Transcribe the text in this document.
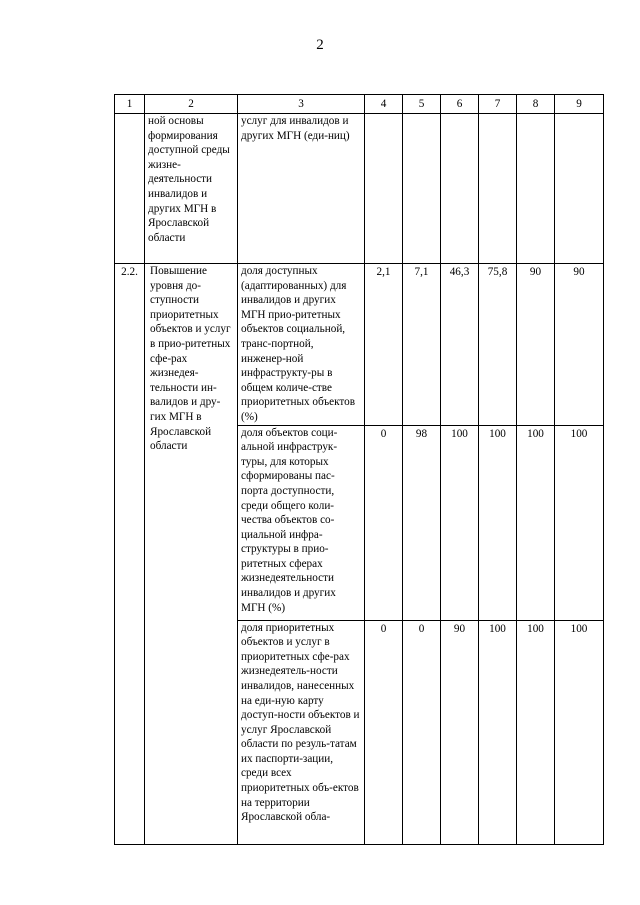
2
1	2	3	4	5	6	7	8	9
	ной основы формирования доступной среды жизне-деятельности инвалидов и других МГН в Ярославской области	услуг для инвалидов и других МГН (еди-ниц)						
2.2.	Повышение уровня до-ступности приоритетных объектов и услуг в прио-ритетных сфе-рах жизнедея-тельности ин-валидов и дру-гих МГН в Ярославской области	доля доступных (адаптированных) для инвалидов и других МГН прио-ритетных объектов социальной, транс-портной, инженер-ной инфраструкту-ры в общем количе-стве приоритетных объектов (%)	2,1	7,1	46,3	75,8	90	90
		доля объектов соци-альной инфраструк-туры, для которых сформированы пас-порта доступности, среди общего коли-чества объектов со-циальной инфра-структуры в прио-ритетных сферах жизнедеятельности инвалидов и других МГН (%)	0	98	100	100	100	100
		доля приоритетных объектов и услуг в приоритетных сфе-рах жизнедеятель-ности инвалидов, нанесенных на еди-ную карту доступ-ности объектов и услуг Ярославской области по резуль-татам их паспорти-зации, среди всех приоритетных объ-ектов на территории Ярославской обла-	0	0	90	100	100	100
